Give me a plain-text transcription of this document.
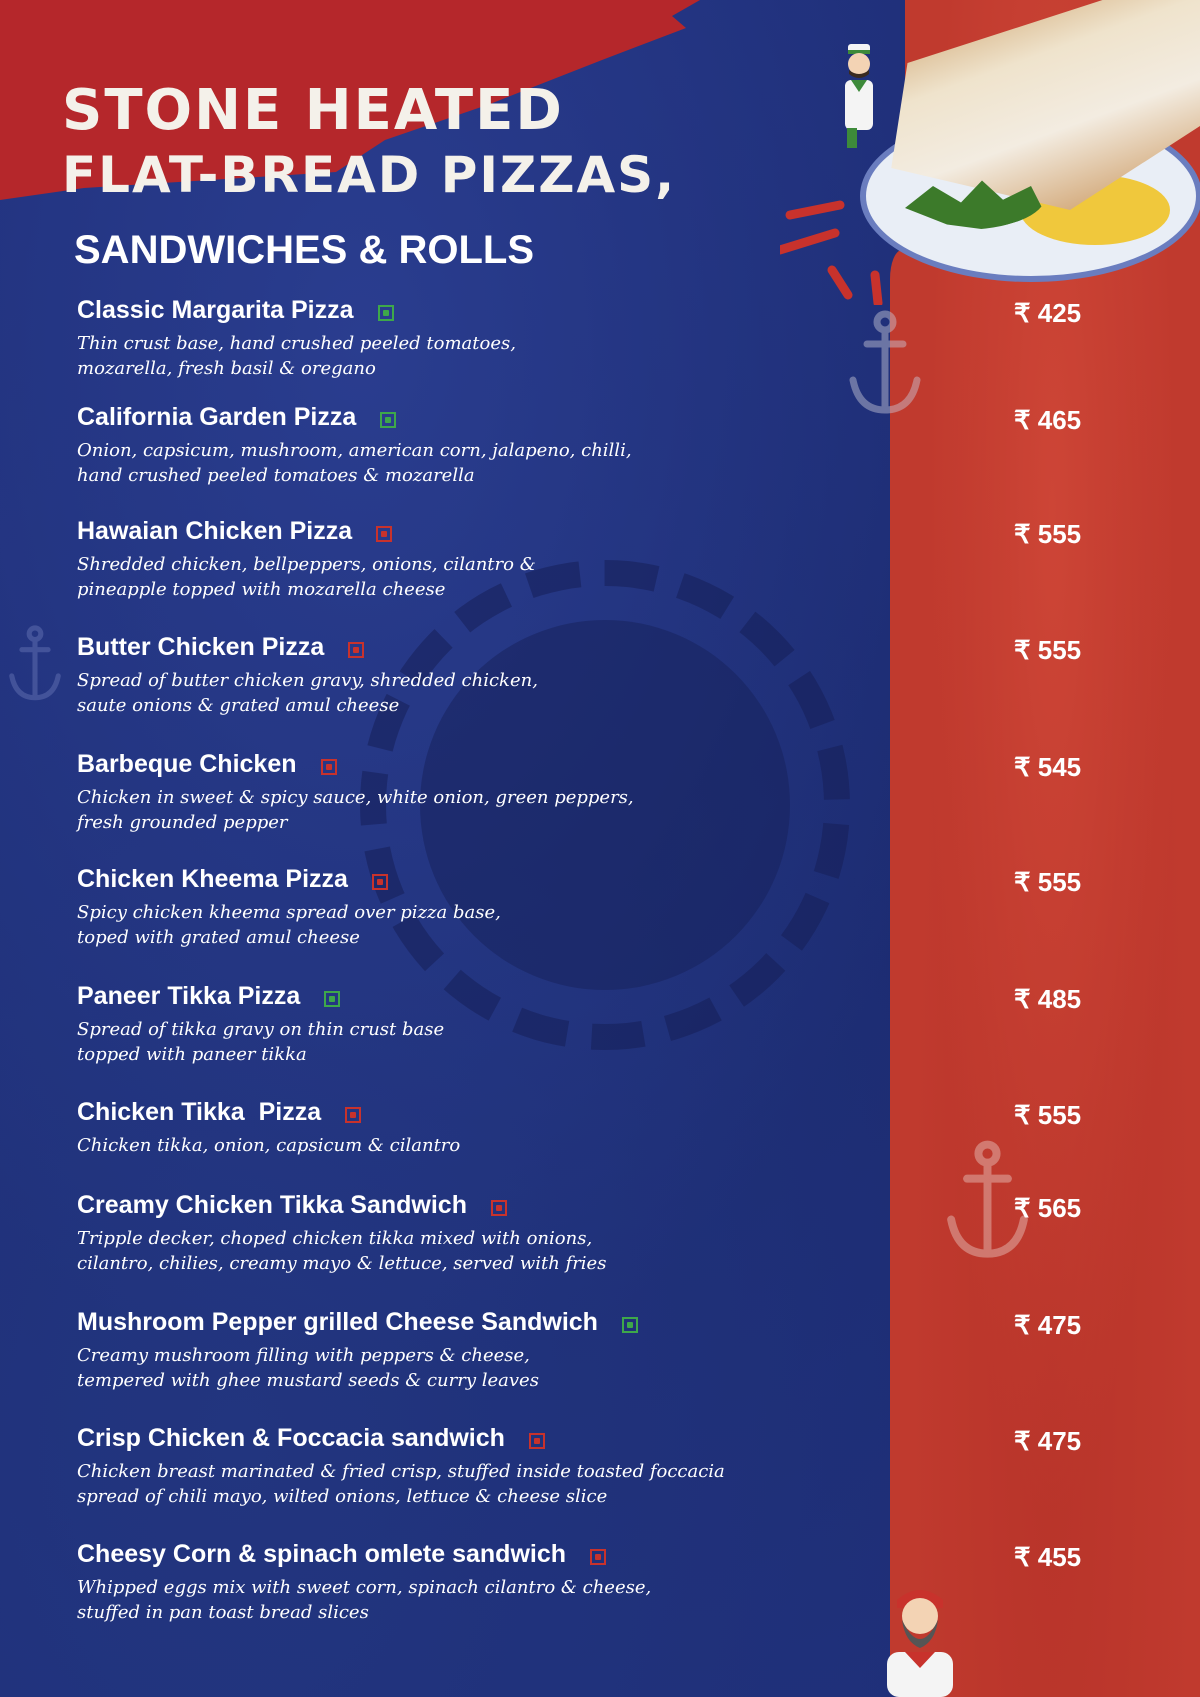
STONE HEATED
FLAT-BREAD PIZZAS,
SANDWICHES & ROLLS
Classic Margarita Pizza
Thin crust base, hand crushed peeled tomatoes,
mozarella, fresh basil & oregano
₹ 425
California Garden Pizza
Onion, capsicum, mushroom, american corn, jalapeno, chilli,
hand crushed peeled tomatoes & mozarella
₹ 465
Hawaian Chicken Pizza
Shredded chicken, bellpeppers, onions, cilantro &
pineapple topped with mozarella cheese
₹ 555
Butter Chicken Pizza
Spread of butter chicken gravy, shredded chicken,
saute onions & grated amul cheese
₹ 555
Barbeque Chicken
Chicken in sweet & spicy sauce, white onion, green peppers,
fresh grounded pepper
₹ 545
Chicken Kheema Pizza
Spicy chicken kheema spread over pizza base,
toped with grated amul cheese
₹ 555
Paneer Tikka Pizza
Spread of tikka gravy on thin crust base
topped with paneer tikka
₹ 485
Chicken Tikka  Pizza
Chicken tikka, onion, capsicum & cilantro
₹ 555
Creamy Chicken Tikka Sandwich
Tripple decker, choped chicken tikka mixed with onions,
cilantro, chilies, creamy mayo & lettuce, served with fries
₹ 565
Mushroom Pepper grilled Cheese Sandwich
Creamy mushroom filling with peppers & cheese,
tempered with ghee mustard seeds & curry leaves
₹ 475
Crisp Chicken & Foccacia sandwich
Chicken breast marinated & fried crisp, stuffed inside toasted foccacia
spread of chili mayo, wilted onions, lettuce & cheese slice
₹ 475
Cheesy Corn & spinach omlete sandwich
Whipped eggs mix with sweet corn, spinach cilantro & cheese,
stuffed in pan toast bread slices
₹ 455
